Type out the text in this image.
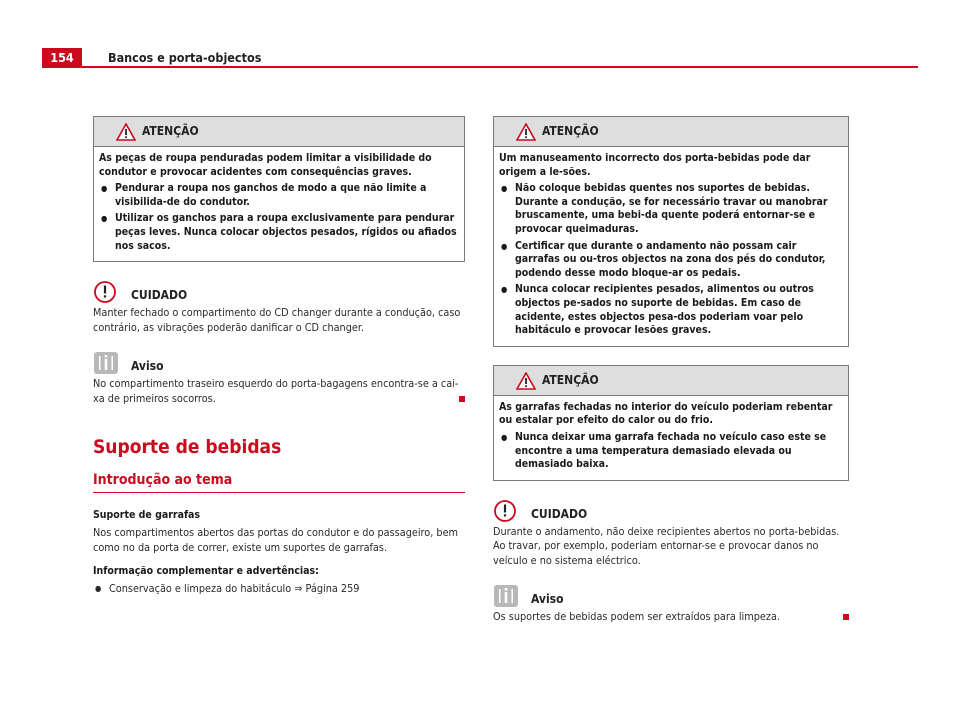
154	Bancos e porta-objectos
ATENÇÃO

As peças de roupa penduradas podem limitar a visibilidade do condutor e provocar acidentes com consequências graves.

● Pendurar a roupa nos ganchos de modo a que não limite a visibilida-de do condutor.

● Utilizar os ganchos para a roupa exclusivamente para pendurar peças leves. Nunca colocar objectos pesados, rígidos ou afiados nos sacos.

CUIDADO
Manter fechado o compartimento do CD changer durante a condução, caso contrário, as vibrações poderão danificar o CD changer.
Aviso
No compartimento traseiro esquerdo do porta-bagagens encontra-se a cai-xa de primeiros socorros.
Suporte de bebidas
Introdução ao tema
Suporte de garrafas

Nos compartimentos abertos das portas do condutor e do passageiro, bem como no da porta de correr, existe um suportes de garrafas.

Informação complementar e advertências:

● Conservação e limpeza do habitáculo ⇒ Página 259

ATENÇÃO

Um manuseamento incorrecto dos porta-bebidas pode dar origem a le-sões.

● Não coloque bebidas quentes nos suportes de bebidas. Durante a condução, se for necessário travar ou manobrar bruscamente, uma bebi-da quente poderá entornar-se e provocar queimaduras.

● Certificar que durante o andamento não possam cair garrafas ou ou-tros objectos na zona dos pés do condutor, podendo desse modo bloque-ar os pedais.

● Nunca colocar recipientes pesados, alimentos ou outros objectos pe-sados no suporte de bebidas. Em caso de acidente, estes objectos pesa-dos poderiam voar pelo habitáculo e provocar lesões graves.

ATENÇÃO

As garrafas fechadas no interior do veículo poderiam rebentar ou estalar por efeito do calor ou do frio.

● Nunca deixar uma garrafa fechada no veículo caso este se encontre a uma temperatura demasiado elevada ou demasiado baixa.

CUIDADO
Durante o andamento, não deixe recipientes abertos no porta-bebidas. Ao travar, por exemplo, poderiam entornar-se e provocar danos no veículo e no sistema eléctrico.
Aviso
Os suportes de bebidas podem ser extraídos para limpeza.
